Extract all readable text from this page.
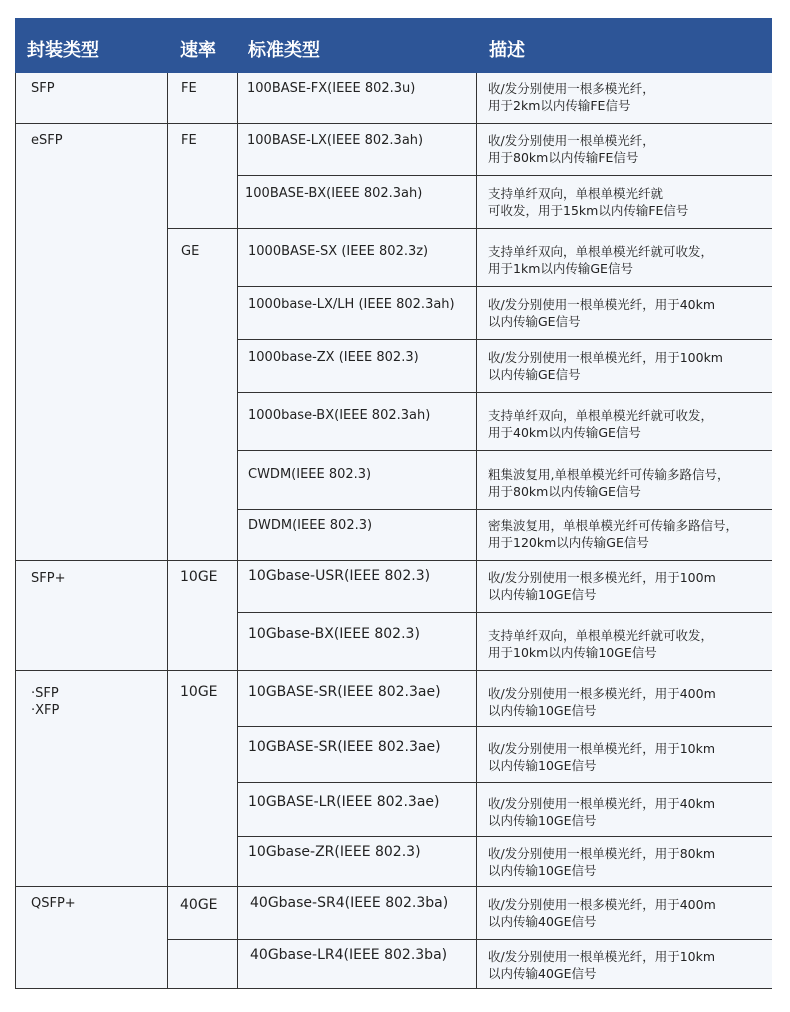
封装类型	速率 标准类型	描述
SFP
eSFP
SFP+
·SFP
·XFP
QSFP+
FE
FE
GE
10GE
10GE
40GE
100BASE-FX(IEEE 802.3u)
100BASE-LX(IEEE 802.3ah)
100BASE-BX(IEEE 802.3ah)
1000BASE-SX (IEEE 802.3z)
1000base-LX/LH (IEEE 802.3ah)
1000base-ZX (IEEE 802.3)
1000base-BX(IEEE 802.3ah)
CWDM(IEEE 802.3)
DWDM(IEEE 802.3)
10Gbase-USR(IEEE 802.3)
10Gbase-BX(IEEE 802.3)
10GBASE-SR(IEEE 802.3ae)
10GBASE-SR(IEEE 802.3ae)
10GBASE-LR(IEEE 802.3ae)
10Gbase-ZR(IEEE 802.3)
40Gbase-SR4(IEEE 802.3ba)
40Gbase-LR4(IEEE 802.3ba)
收/发分别使用一根多模光纤，
用于2km以内传输FE信号
收/发分别使用一根单模光纤，
用于80km以内传输FE信号
支持单纤双向，单根单模光纤就
可收发，用于15km以内传输FE信号
支持单纤双向，单根单模光纤就可收发，
用于1km以内传输GE信号
收/发分别使用一根单模光纤，用于40km
以内传输GE信号
收/发分别使用一根单模光纤，用于100km
以内传输GE信号
支持单纤双向，单根单模光纤就可收发，
用于40km以内传输GE信号
粗集波复用,单根单模光纤可传输多路信号，
用于80km以内传输GE信号
密集波复用，单根单模光纤可传输多路信号，
用于120km以内传输GE信号
收/发分别使用一根多模光纤，用于100m
以内传输10GE信号
支持单纤双向，单根单模光纤就可收发，
用于10km以内传输10GE信号
收/发分别使用一根多模光纤，用于400m
以内传输10GE信号
收/发分别使用一根单模光纤，用于10km
以内传输10GE信号
收/发分别使用一根单模光纤，用于40km
以内传输10GE信号
收/发分别使用一根单模光纤，用于80km
以内传输10GE信号
收/发分别使用一根多模光纤，用于400m
以内传输40GE信号
收/发分别使用一根单模光纤，用于10km
以内传输40GE信号
